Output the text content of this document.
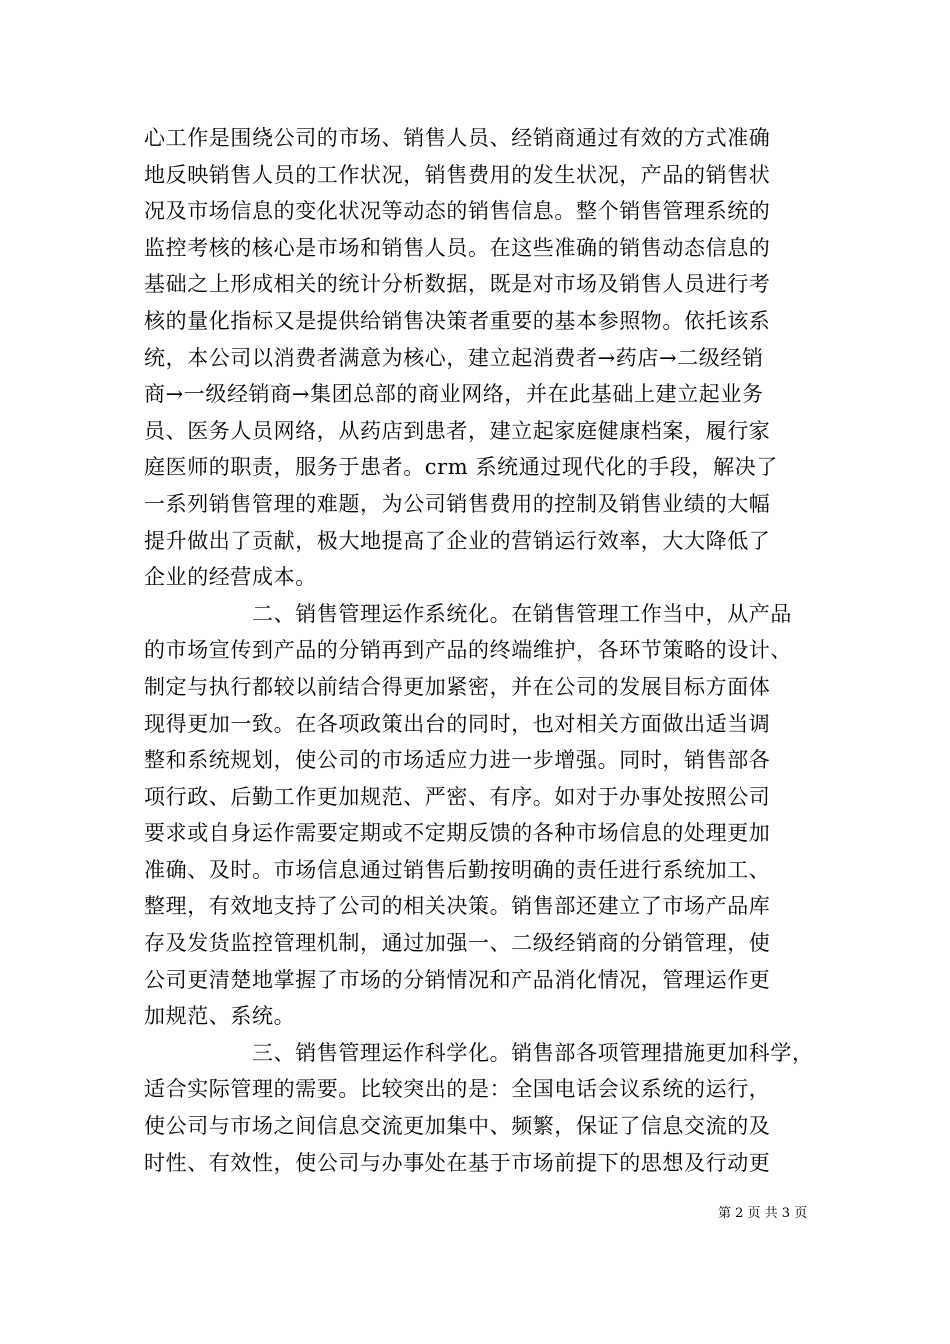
心工作是围绕公司的市场、销售人员、经销商通过有效的方式准确
地反映销售人员的工作状况，销售费用的发生状况，产品的销售状
况及市场信息的变化状况等动态的销售信息。整个销售管理系统的
监控考核的核心是市场和销售人员。在这些准确的销售动态信息的
基础之上形成相关的统计分析数据，既是对市场及销售人员进行考
核的量化指标又是提供给销售决策者重要的基本参照物。依托该系
统，本公司以消费者满意为核心，建立起消费者→药店→二级经销
商→一级经销商→集团总部的商业网络，并在此基础上建立起业务
员、医务人员网络，从药店到患者，建立起家庭健康档案，履行家
庭医师的职责，服务于患者。crm 系统通过现代化的手段，解决了
一系列销售管理的难题，为公司销售费用的控制及销售业绩的大幅
提升做出了贡献，极大地提高了企业的营销运行效率，大大降低了
企业的经营成本。
　　　　　二、销售管理运作系统化。在销售管理工作当中，从产品
的市场宣传到产品的分销再到产品的终端维护，各环节策略的设计、
制定与执行都较以前结合得更加紧密，并在公司的发展目标方面体
现得更加一致。在各项政策出台的同时，也对相关方面做出适当调
整和系统规划，使公司的市场适应力进一步增强。同时，销售部各
项行政、后勤工作更加规范、严密、有序。如对于办事处按照公司
要求或自身运作需要定期或不定期反馈的各种市场信息的处理更加
准确、及时。市场信息通过销售后勤按明确的责任进行系统加工、
整理，有效地支持了公司的相关决策。销售部还建立了市场产品库
存及发货监控管理机制，通过加强一、二级经销商的分销管理，使
公司更清楚地掌握了市场的分销情况和产品消化情况，管理运作更
加规范、系统。
　　　　　三、销售管理运作科学化。销售部各项管理措施更加科学，
适合实际管理的需要。比较突出的是：全国电话会议系统的运行，
使公司与市场之间信息交流更加集中、频繁，保证了信息交流的及
时性、有效性，使公司与办事处在基于市场前提下的思想及行动更
第 2 页 共 3 页
